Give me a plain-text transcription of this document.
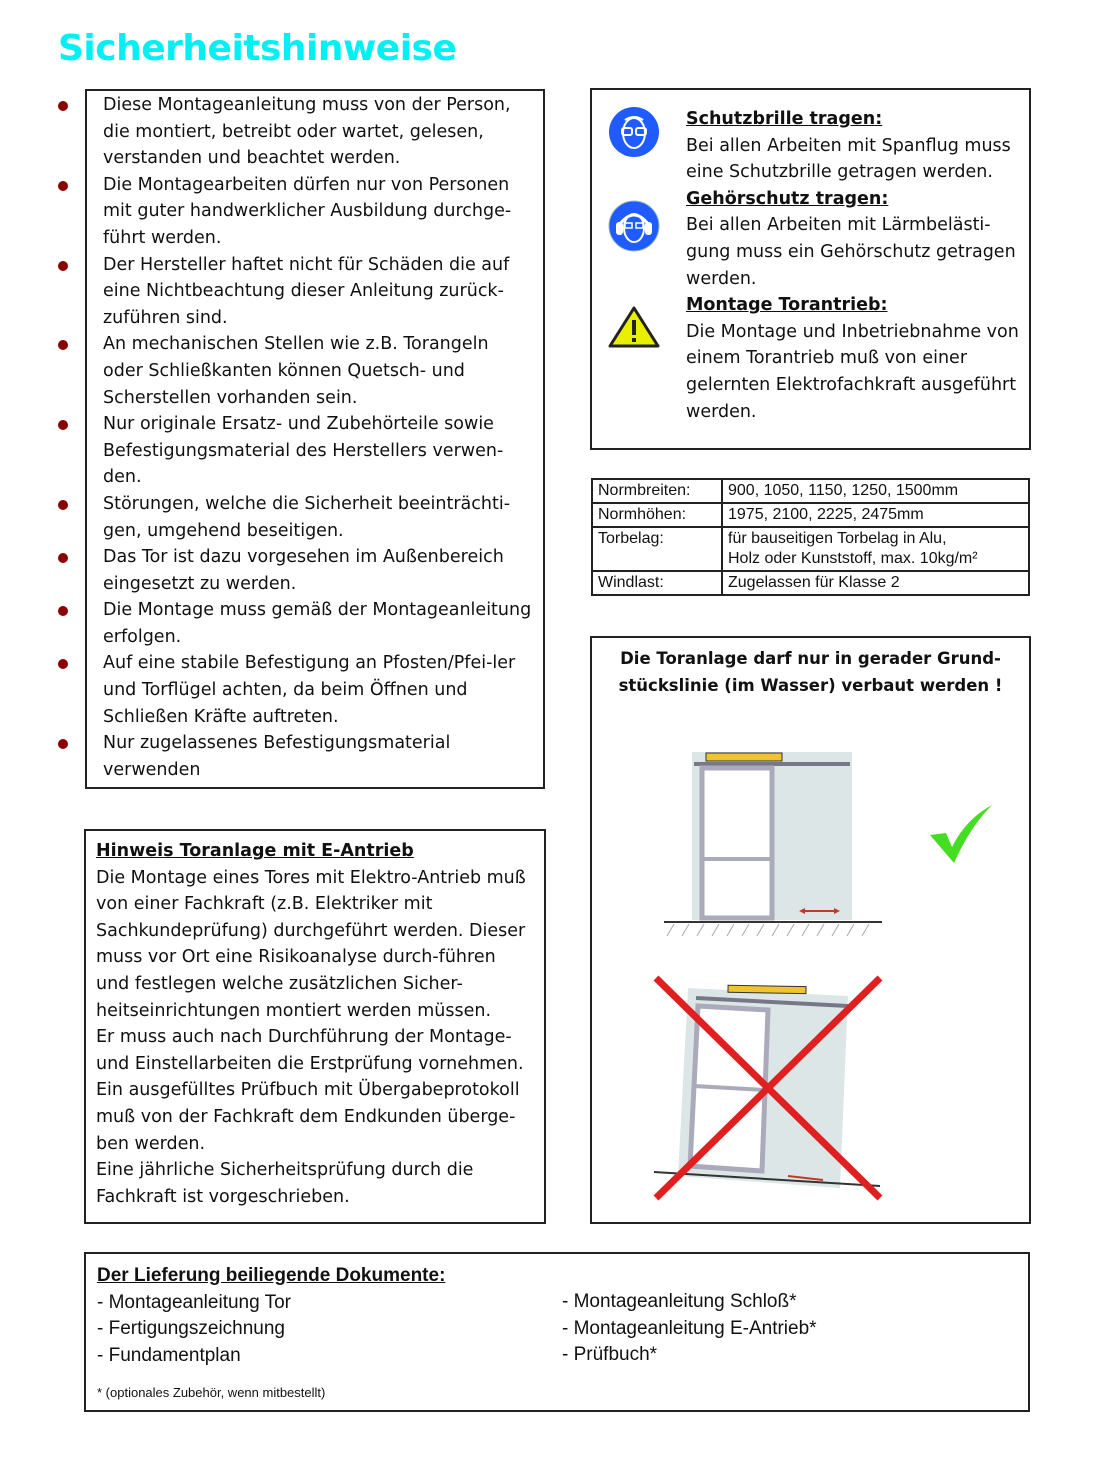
Sicherheitshinweise
Diese Montageanleitung muss von der Person, die montiert, betreibt oder wartet, gelesen, verstanden und beachtet werden.
Die Montagearbeiten dürfen nur von Personen mit guter handwerklicher Ausbildung durchge-führt werden.
Der Hersteller haftet nicht für Schäden die auf eine Nichtbeachtung dieser Anleitung zurück-zuführen sind.
An mechanischen Stellen wie z.B. Torangeln oder Schließkanten können Quetsch- und Scherstellen vorhanden sein.
Nur originale Ersatz- und Zubehörteile sowie Befestigungsmaterial des Herstellers verwen-den.
Störungen, welche die Sicherheit beeinträchti-gen, umgehend beseitigen.
Das Tor ist dazu vorgesehen im Außenbereich eingesetzt zu werden.
Die Montage muss gemäß der Montageanleitung erfolgen.
Auf eine stabile Befestigung an Pfosten/Pfei-ler und Torflügel achten, da beim Öffnen und Schließen Kräfte auftreten.
Nur zugelassenes Befestigungsmaterial verwenden
Schutzbrille tragen:
Bei allen Arbeiten mit Spanflug muss eine Schutzbrille getragen werden.
Gehörschutz tragen:
Bei allen Arbeiten mit Lärmbelästi-gung muss ein Gehörschutz getragen werden.
Montage Torantrieb:
Die Montage und Inbetriebnahme von einem Torantrieb muß von einer gelernten Elektrofachkraft ausgeführt werden.
Normbreiten:	900, 1050, 1150, 1250, 1500mm
Normhöhen:	1975, 2100, 2225, 2475mm
Torbelag:	für bauseitigen Torbelag in Alu,
Holz oder Kunststoff, max. 10kg/m²

Windlast:	Zugelassen für Klasse 2
Die Toranlage darf nur in gerader Grund-
stückslinie (im Wasser) verbaut werden !
Hinweis Toranlage mit E-Antrieb
Die Montage eines Tores mit Elektro-Antrieb muß von einer Fachkraft (z.B. Elektriker mit Sachkundeprüfung) durchgeführt werden. Dieser muss vor Ort eine Risikoanalyse durch-führen und festlegen welche zusätzlichen Sicher-heitseinrichtungen montiert werden müssen.
Er muss auch nach Durchführung der Montage- und Einstellarbeiten die Erstprüfung vornehmen.
Ein ausgefülltes Prüfbuch mit Übergabeprotokoll muß von der Fachkraft dem Endkunden überge-ben werden.
Eine jährliche Sicherheitsprüfung durch die Fachkraft ist vorgeschrieben.
Der Lieferung beiliegende Dokumente:
- Montageanleitung Tor
- Fertigungszeichnung
- Fundamentplan
- Montageanleitung Schloß*
- Montageanleitung E-Antrieb*
- Prüfbuch*
* (optionales Zubehör, wenn mitbestellt)
